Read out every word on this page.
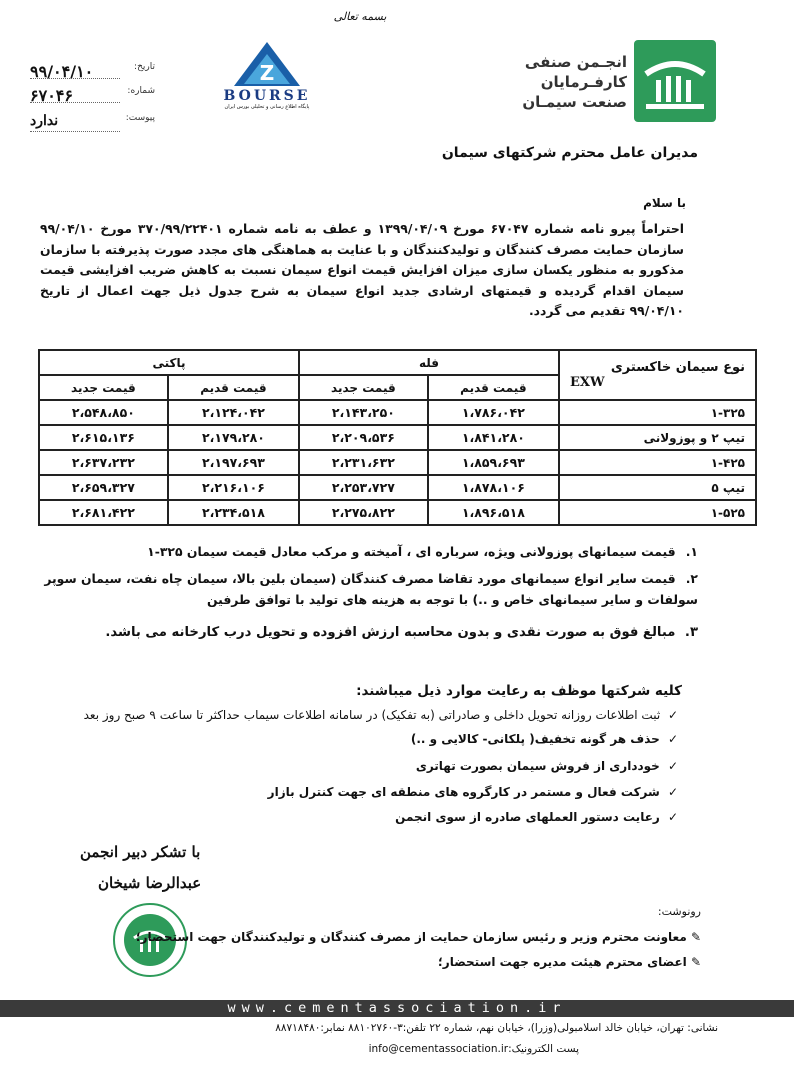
بسمه تعالی
تاریخ:
۹۹/۰۴/۱۰
شماره:
۶۷۰۴۶
پیوست:
ندارد
Z
BOURSE
پایگاه اطلاع رسانی و تحلیلی بورس ایران
انجـمن صنفی
کارفـرمایان
صنعت سیمـان
مدیران عامل محترم شرکتهای سیمان
با سلام
احتراماً پیرو نامه شماره ۶۷۰۴۷ مورخ ۱۳۹۹/۰۴/۰۹ و عطف به نامه شماره ۳۷۰/۹۹/۲۲۴۰۱ مورخ ۹۹/۰۴/۱۰ سازمان حمایت مصرف کنندگان و تولیدکنندگان و با عنایت به هماهنگی های مجدد صورت پذیرفته با سازمان مذکورو به منظور یکسان سازی میزان افزایش قیمت انواع سیمان نسبت به کاهش ضریب افزایشی قیمت سیمان اقدام گردیده و قیمتهای ارشادی جدید انواع سیمان به شرح جدول ذیل جهت اعمال از تاریخ ۹۹/۰۴/۱۰ تقدیم می گردد.
نوع سیمان خاکستری
EXW	فله		پاکتی	
	قیمت قدیم	قیمت جدید	قیمت قدیم	قیمت جدید
۱-۳۲۵	۱،۷۸۶،۰۴۲	۲،۱۴۳،۲۵۰	۲،۱۲۴،۰۴۲	۲،۵۴۸،۸۵۰
تیپ ۲ و پوزولانی	۱،۸۴۱،۲۸۰	۲،۲۰۹،۵۳۶	۲،۱۷۹،۲۸۰	۲،۶۱۵،۱۳۶
۱-۴۲۵	۱،۸۵۹،۶۹۳	۲،۲۳۱،۶۳۲	۲،۱۹۷،۶۹۳	۲،۶۳۷،۲۳۲
تیپ ۵	۱،۸۷۸،۱۰۶	۲،۲۵۳،۷۲۷	۲،۲۱۶،۱۰۶	۲،۶۵۹،۳۲۷
۱-۵۲۵	۱،۸۹۶،۵۱۸	۲،۲۷۵،۸۲۲	۲،۲۳۴،۵۱۸	۲،۶۸۱،۴۲۲
۱. قیمت سیمانهای پوزولانی ویژه، سرباره ای ، آمیخته و مرکب معادل قیمت سیمان ۳۲۵-۱
۲. قیمت سایر انواع سیمانهای مورد تقاضا مصرف کنندگان (سیمان بلین بالا، سیمان چاه نفت، سیمان سوپر سولفات و سایر سیمانهای خاص و ..) با توجه به هزینه های تولید با توافق طرفین
۳. مبالغ فوق به صورت نقدی و بدون محاسبه ارزش افزوده و تحویل درب کارخانه می باشد.
کلیه شرکتها موظف به رعایت موارد ذیل میباشند:
✓ ثبت اطلاعات روزانه تحویل داخلی و صادراتی (به تفکیک) در سامانه اطلاعات سیماب حداکثر تا ساعت ۹ صبح روز بعد
✓ حذف هر گونه تخفیف( پلکانی- کالایی و ..)
✓ خودداری از فروش سیمان بصورت تهاتری
✓ شرکت فعال و مستمر در کارگروه های منطقه ای جهت کنترل بازار
✓ رعایت دستور العملهای صادره از سوی انجمن
با تشکر دبیر انجمن
عبدالرضا شیخان
رونوشت:
✎ معاونت محترم وزیر و رئیس سازمان حمایت از مصرف کنندگان و تولیدکنندگان جهت استحضار؛
✎ اعضای محترم هیئت مدیره جهت استحضار؛
www.cementassociation.ir
نشانی: تهران، خیابان خالد اسلامبولی(وزرا)، خیابان نهم، شماره ۲۲ تلفن:۳-۸۸۱۰۲۷۶۰ نمابر:۸۸۷۱۸۴۸۰
پست الکترونیک:info@cementassociation.ir
